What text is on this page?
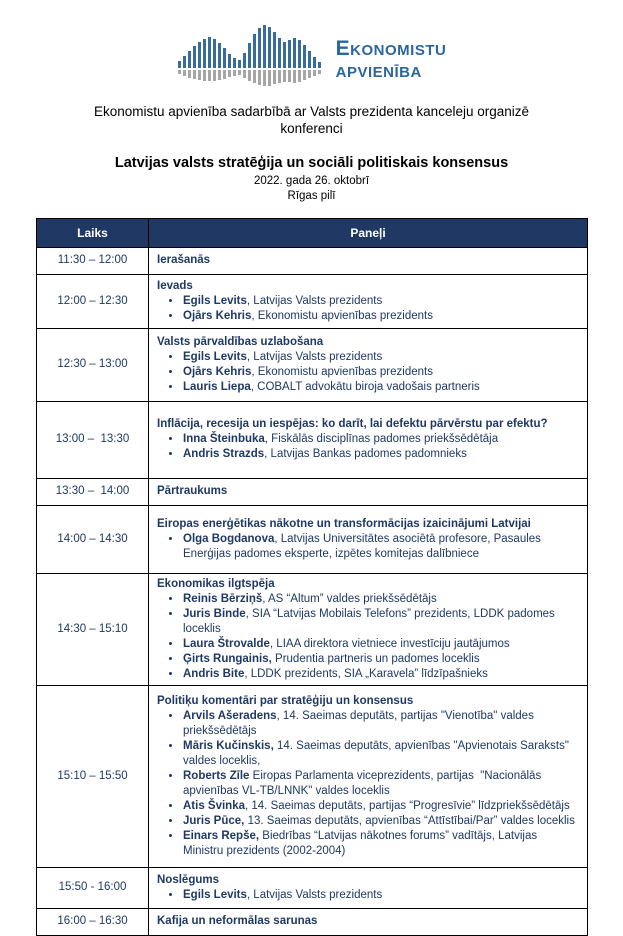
Ekonomistu
apvienība
Ekonomistu apvienība sadarbībā ar Valsts prezidenta kanceleju organizē
konferenci
Latvijas valsts stratēģija un sociāli politiskais konsensus
2022. gada 26. oktobrī
Rīgas pilī
Laiks	Paneļi
11:30 – 12:00	Ierašanās

12:00 – 12:30	
Ievads
• Egils Levits, Latvijas Valsts prezidents
• Ojārs Kehris, Ekonomistu apvienības prezidents

12:30 – 13:00	
Valsts pārvaldības uzlabošana
• Egils Levits, Latvijas Valsts prezidents
• Ojārs Kehris, Ekonomistu apvienības prezidents
• Lauris Liepa, COBALT advokātu biroja vadošais partneris

13:00 –  13:30	
Inflācija, recesija un iespējas: ko darīt, lai defektu pārvērstu par efektu?
• Inna Šteinbuka, Fiskālās disciplīnas padomes priekšsēdētāja
• Andris Strazds, Latvijas Bankas padomes padomnieks

13:30 –  14:00	Pārtraukums

14:00 – 14:30	
Eiropas enerģētikas nākotne un transformācijas izaicinājumi Latvijai
• Olga Bogdanova, Latvijas Universitātes asociētā profesore, Pasaules Enerģijas padomes eksperte, izpētes komitejas dalībniece

14:30 – 15:10	
Ekonomikas ilgtspēja
• Reinis Bērziņš, AS “Altum” valdes priekšsēdētājs
• Juris Binde, SIA “Latvijas Mobilais Telefons” prezidents, LDDK padomes loceklis
• Laura Štrovalde, LIAA direktora vietniece investīciju jautājumos
• Ģirts Rungainis, Prudentia partneris un padomes loceklis
• Andris Bite, LDDK prezidents, SIA „Karavela” līdzīpašnieks

15:10 – 15:50	
Politiķu komentāri par stratēģiju un konsensus
• Arvils Ašeradens, 14. Saeimas deputāts, partijas "Vienotība" valdes priekšsēdētājs
• Māris Kučinskis, 14. Saeimas deputāts, apvienības "Apvienotais Saraksts" valdes loceklis,
• Roberts Zīle Eiropas Parlamenta viceprezidents, partijas  "Nacionālās apvienības VL-TB/LNNK" valdes loceklis
• Atis Švinka, 14. Saeimas deputāts, partijas “Progresīvie” līdzpriekšsēdētājs
• Juris Pūce, 13. Saeimas deputāts, apvienības “Attīstībai/Par” valdes loceklis
• Einars Repše, Biedrības “Latvijas nākotnes forums” vadītājs, Latvijas Ministru prezidents (2002-2004)

15:50 - 16:00	
Noslēgums
• Egils Levits, Latvijas Valsts prezidents

16:00 – 16:30	Kafija un neformālas sarunas
